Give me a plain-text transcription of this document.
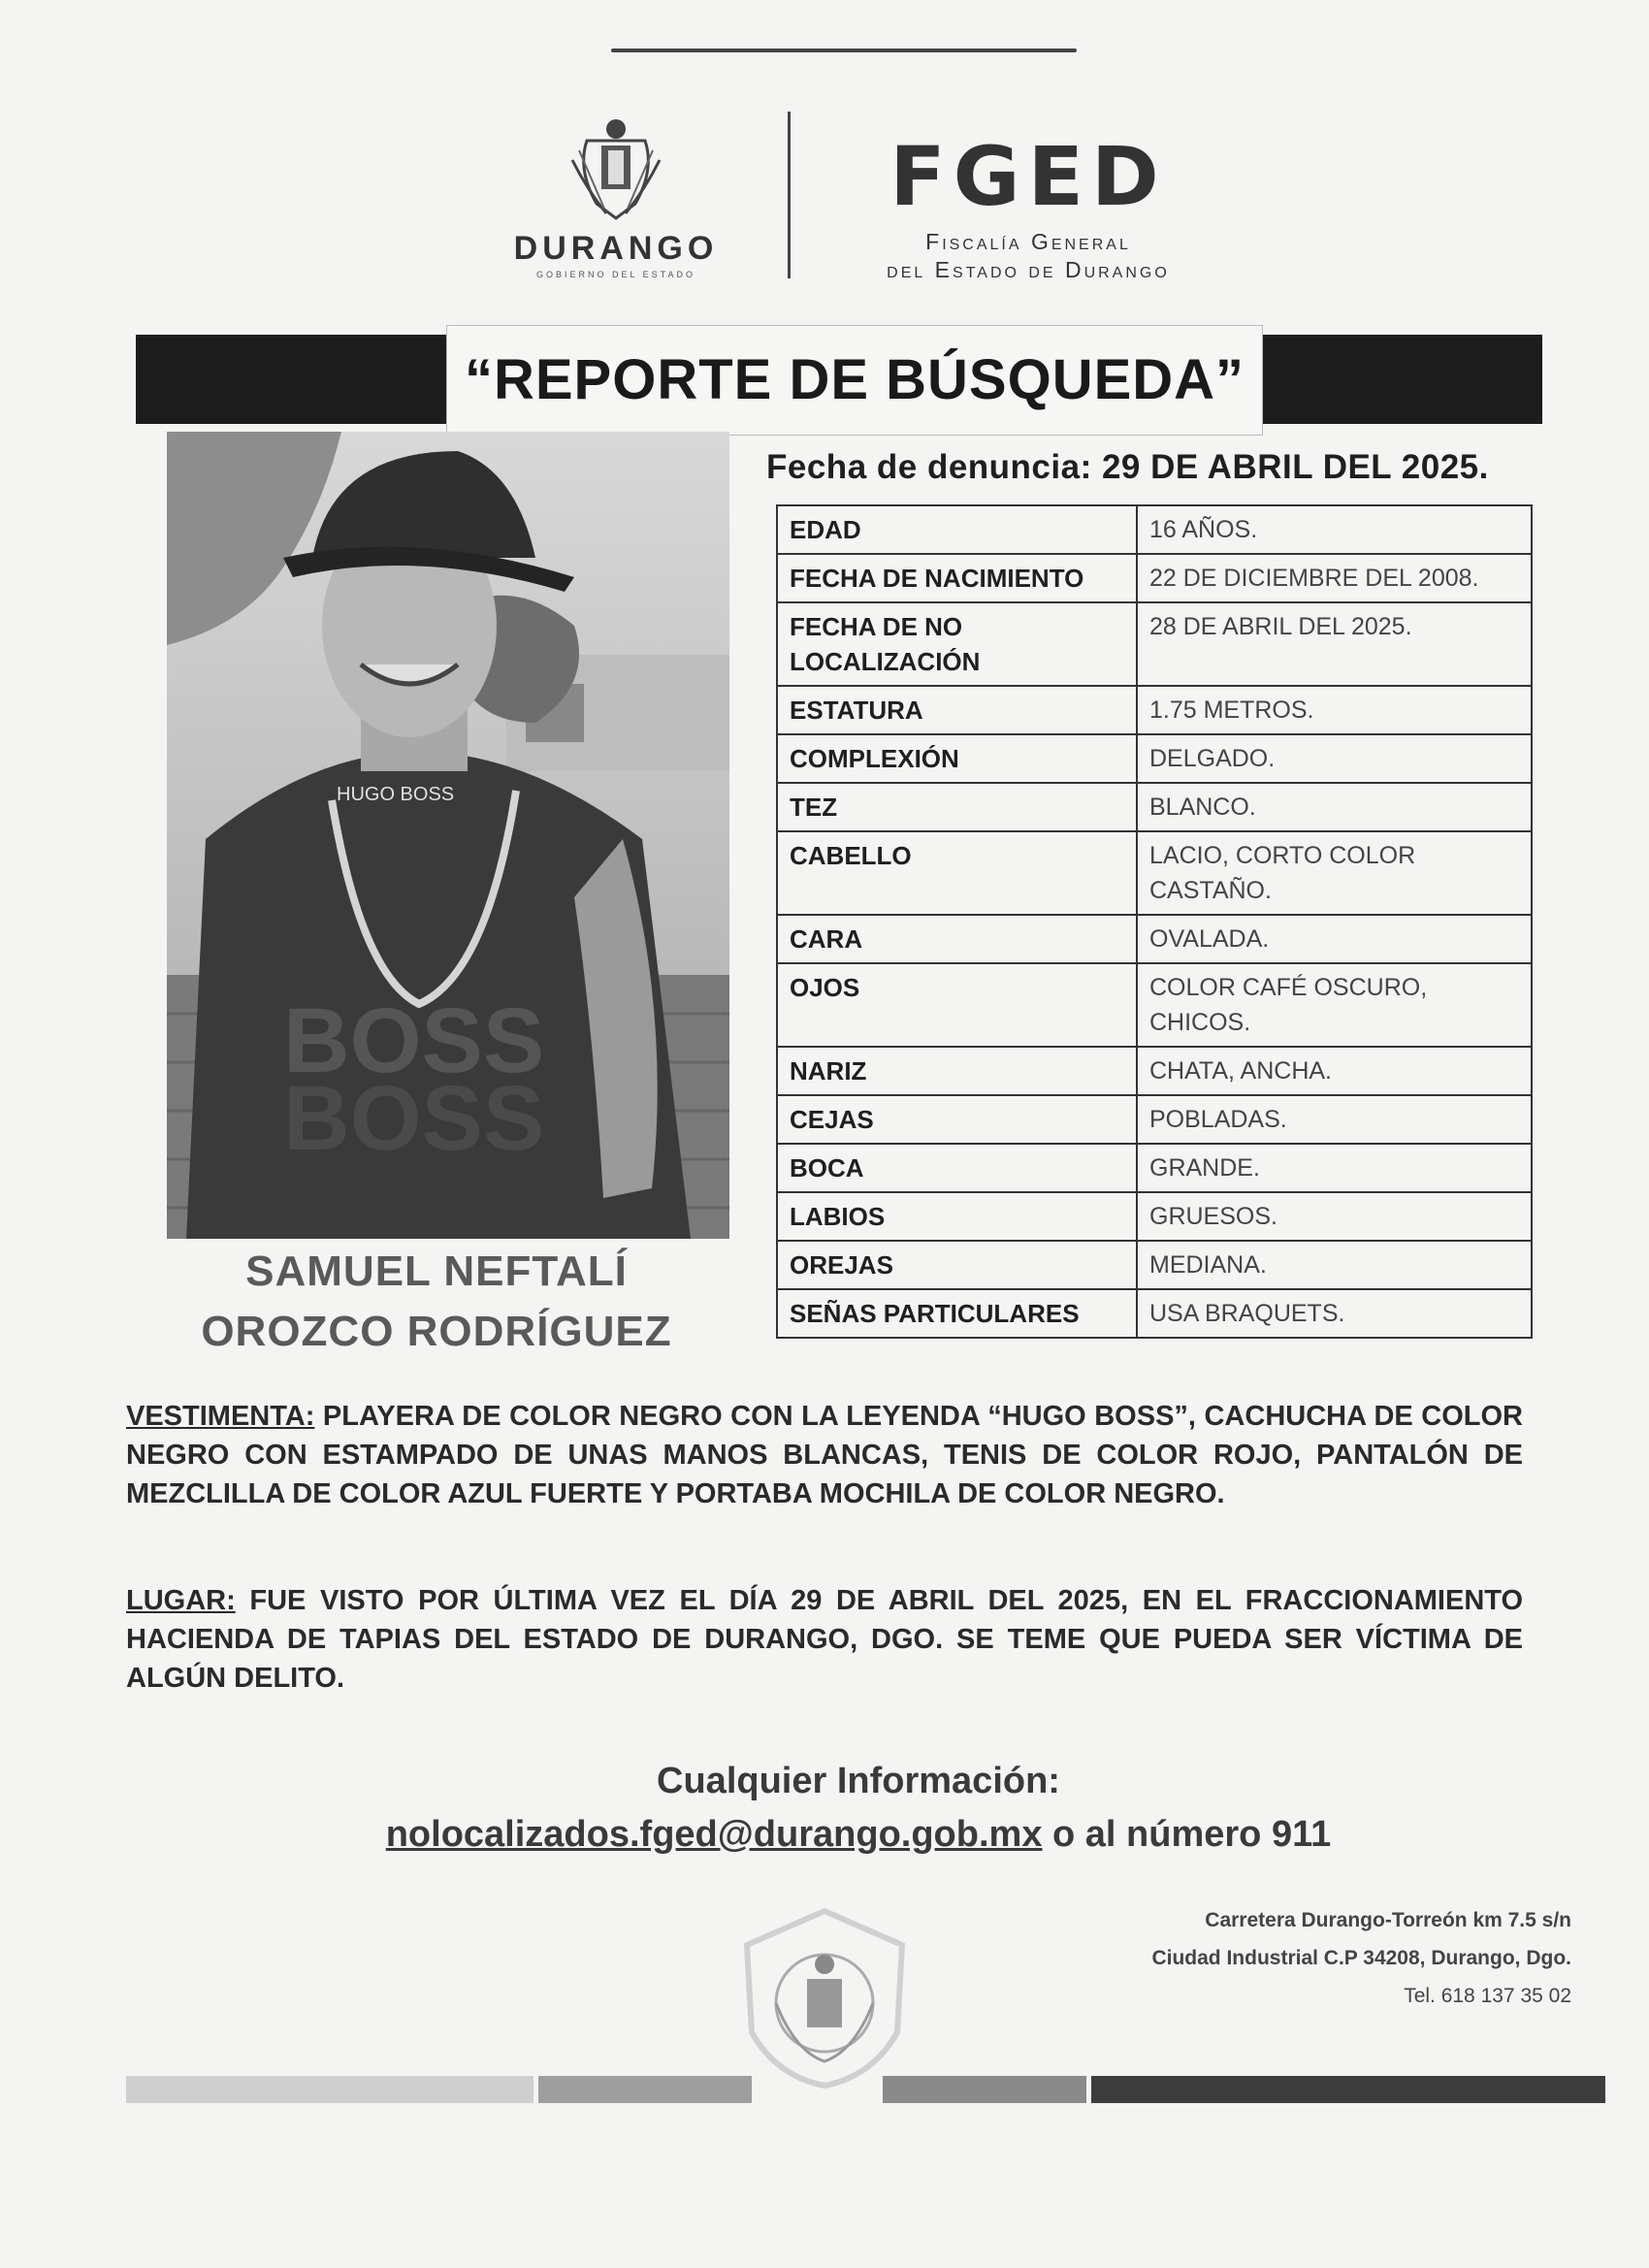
DURANGO
GOBIERNO DEL ESTADO
FGED
Fiscalía General
del Estado de Durango
“REPORTE DE BÚSQUEDA”
HUGO BOSS
BOSS
BOSS
SAMUEL NEFTALÍ
OROZCO RODRÍGUEZ
Fecha de denuncia: 29 DE ABRIL DEL 2025.
EDAD	16 AÑOS.
FECHA DE NACIMIENTO	22 DE DICIEMBRE DEL 2008.
FECHA DE NO LOCALIZACIÓN	28 DE ABRIL DEL 2025.
ESTATURA	1.75 METROS.
COMPLEXIÓN	DELGADO.
TEZ	BLANCO.
CABELLO	LACIO, CORTO COLOR CASTAÑO.
CARA	OVALADA.
OJOS	COLOR CAFÉ OSCURO, CHICOS.
NARIZ	CHATA, ANCHA.
CEJAS	POBLADAS.
BOCA	GRANDE.
LABIOS	GRUESOS.
OREJAS	MEDIANA.
SEÑAS PARTICULARES	USA BRAQUETS.
VESTIMENTA: PLAYERA DE COLOR NEGRO CON LA LEYENDA “HUGO BOSS”, CACHUCHA DE COLOR NEGRO CON ESTAMPADO DE UNAS MANOS BLANCAS, TENIS DE COLOR ROJO, PANTALÓN DE MEZCLILLA DE COLOR AZUL FUERTE Y PORTABA MOCHILA DE COLOR NEGRO.
LUGAR: FUE VISTO POR ÚLTIMA VEZ EL DÍA 29 DE ABRIL DEL 2025, EN EL FRACCIONAMIENTO HACIENDA DE TAPIAS DEL ESTADO DE DURANGO, DGO. SE TEME QUE PUEDA SER VÍCTIMA DE ALGÚN DELITO.
Cualquier Información:
nolocalizados.fged@durango.gob.mx o al número 911
Carretera Durango-Torreón km 7.5 s/n
Ciudad Industrial C.P 34208, Durango, Dgo.
Tel. 618 137 35 02
